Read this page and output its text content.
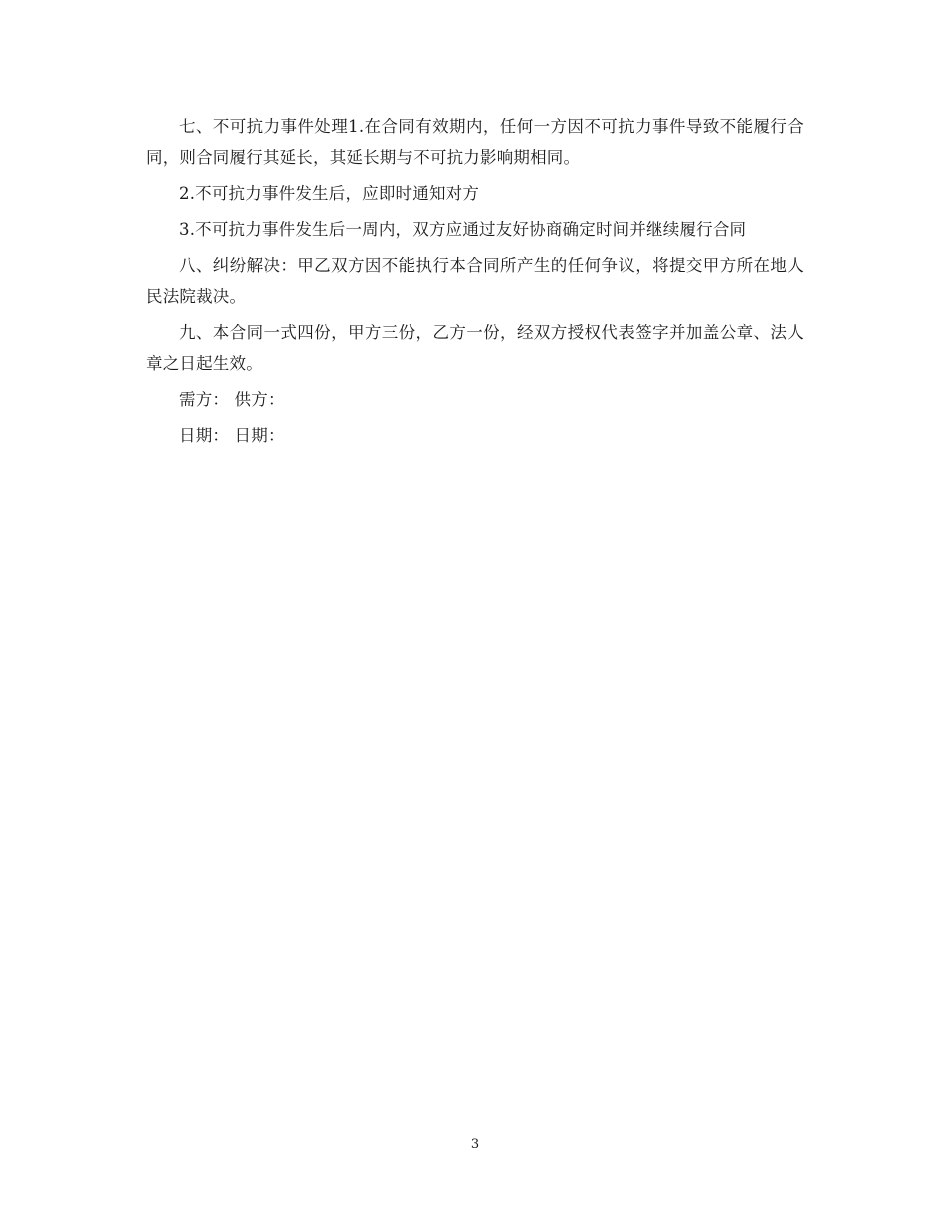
七、不可抗力事件处理1.在合同有效期内，任何一方因不可抗力事件导致不能履行合同，则合同履行其延长，其延长期与不可抗力影响期相同。

2.不可抗力事件发生后，应即时通知对方

3.不可抗力事件发生后一周内，双方应通过友好协商确定时间并继续履行合同

八、纠纷解决：甲乙双方因不能执行本合同所产生的任何争议，将提交甲方所在地人民法院裁决。

九、本合同一式四份，甲方三份，乙方一份，经双方授权代表签字并加盖公章、法人章之日起生效。

需方： 供方：

日期： 日期：

3
